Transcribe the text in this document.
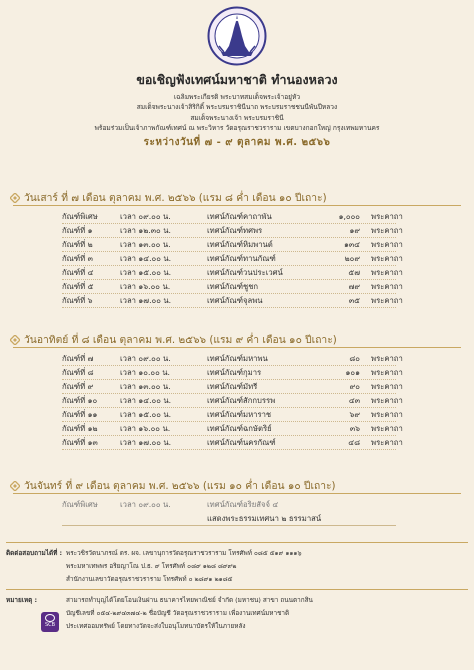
ขอเชิญฟังเทศน์มหาชาติ ทำนองหลวง
เฉลิมพระเกียรติ พระบาทสมเด็จพระเจ้าอยู่หัว
สมเด็จพระนางเจ้าสิริกิติ์ พระบรมราชินีนาถ พระบรมราชชนนีพันปีหลวง
สมเด็จพระนางเจ้า พระบรมราชินี
พร้อมร่วมเป็นเจ้าภาพกัณฑ์เทศน์ ณ พระวิหาร วัดอรุณราชวราราม เขตบางกอกใหญ่ กรุงเทพมหานคร
ระหว่างวันที่ ๗ - ๙ ตุลาคม พ.ศ. ๒๕๖๖
วันเสาร์ ที่ ๗ เดือน ตุลาคม พ.ศ. ๒๕๖๖ (แรม ๘ ค่ำ เดือน ๑๐ ปีเถาะ)
กัณฑ์พิเศษ	เวลา ๐๙.๐๐ น.	เทศน์กัณฑ์คาถาพัน	๑,๐๐๐ พระคาถา
กัณฑ์ที่ ๑	เวลา ๑๒.๓๐ น.	เทศน์กัณฑ์ทศพร	๑๙ พระคาถา
กัณฑ์ที่ ๒	เวลา ๑๓.๐๐ น.	เทศน์กัณฑ์หิมพานต์	๑๓๔ พระคาถา
กัณฑ์ที่ ๓	เวลา ๑๔.๐๐ น.	เทศน์กัณฑ์ทานกัณฑ์	๒๐๙ พระคาถา
กัณฑ์ที่ ๔	เวลา ๑๕.๐๐ น.	เทศน์กัณฑ์วนประเวศน์	๕๗ พระคาถา
กัณฑ์ที่ ๕	เวลา ๑๖.๐๐ น.	เทศน์กัณฑ์ชูชก	๗๙ พระคาถา
กัณฑ์ที่ ๖	เวลา ๑๗.๐๐ น.	เทศน์กัณฑ์จุลพน	๓๕ พระคาถา
วันอาทิตย์ ที่ ๘ เดือน ตุลาคม พ.ศ. ๒๕๖๖ (แรม ๙ ค่ำ เดือน ๑๐ ปีเถาะ)
กัณฑ์ที่ ๗	เวลา ๐๙.๐๐ น.	เทศน์กัณฑ์มหาพน	๘๐ พระคาถา
กัณฑ์ที่ ๘	เวลา ๑๐.๐๐ น.	เทศน์กัณฑ์กุมาร	๑๐๑ พระคาถา
กัณฑ์ที่ ๙	เวลา ๑๓.๐๐ น.	เทศน์กัณฑ์มัทรี	๙๐ พระคาถา
กัณฑ์ที่ ๑๐	เวลา ๑๔.๐๐ น.	เทศน์กัณฑ์สักกบรรพ	๔๓ พระคาถา
กัณฑ์ที่ ๑๑	เวลา ๑๕.๐๐ น.	เทศน์กัณฑ์มหาราช	๖๙ พระคาถา
กัณฑ์ที่ ๑๒	เวลา ๑๖.๐๐ น.	เทศน์กัณฑ์ฉกษัตริย์	๓๖ พระคาถา
กัณฑ์ที่ ๑๓	เวลา ๑๗.๐๐ น.	เทศน์กัณฑ์นครกัณฑ์	๔๘ พระคาถา
วันจันทร์ ที่ ๙ เดือน ตุลาคม พ.ศ. ๒๕๖๖ (แรม ๑๐ ค่ำ เดือน ๑๐ ปีเถาะ)
กัณฑ์พิเศษ	เวลา ๐๙.๐๐ น.	เทศน์กัณฑ์อริยสัจจ์ ๔
แสดงพระธรรมเทศนา ๒ ธรรมาสน์
ติดต่อสอบถามได้ที่ : พระวชิรวัตนาภรณ์ ดร. ผจ. เลขานุการวัดอรุณราชวราราม โทรศัพท์ ๐๘๕ ๕๑๙ ๑๑๑๖
พระมหาเทพพร อริยญาโณ ป.ธ. ๙ โทรศัพท์ ๐๘๙ ๑๒๘ ๘๙๙๒
สำนักงานเลขาวัดอรุณราชวราราม โทรศัพท์ ๐ ๒๘๙๑ ๒๑๘๕
หมายเหตุ :	สามารถทำบุญได้โดยโอนเงินผ่าน ธนาคารไทยพาณิชย์ จำกัด (มหาชน) สาขา ถนนตากสิน
SCB
บัญชีเลขที่ ๐๕๔-๒๙๔๓๗๔-๒ ชื่อบัญชี วัดอรุณราชวราราม เพื่องานเทศน์มหาชาติ
ประเทศออมทรัพย์ โดยทางวัดจะส่งใบอนุโมทนาบัตรให้ในภายหลัง
